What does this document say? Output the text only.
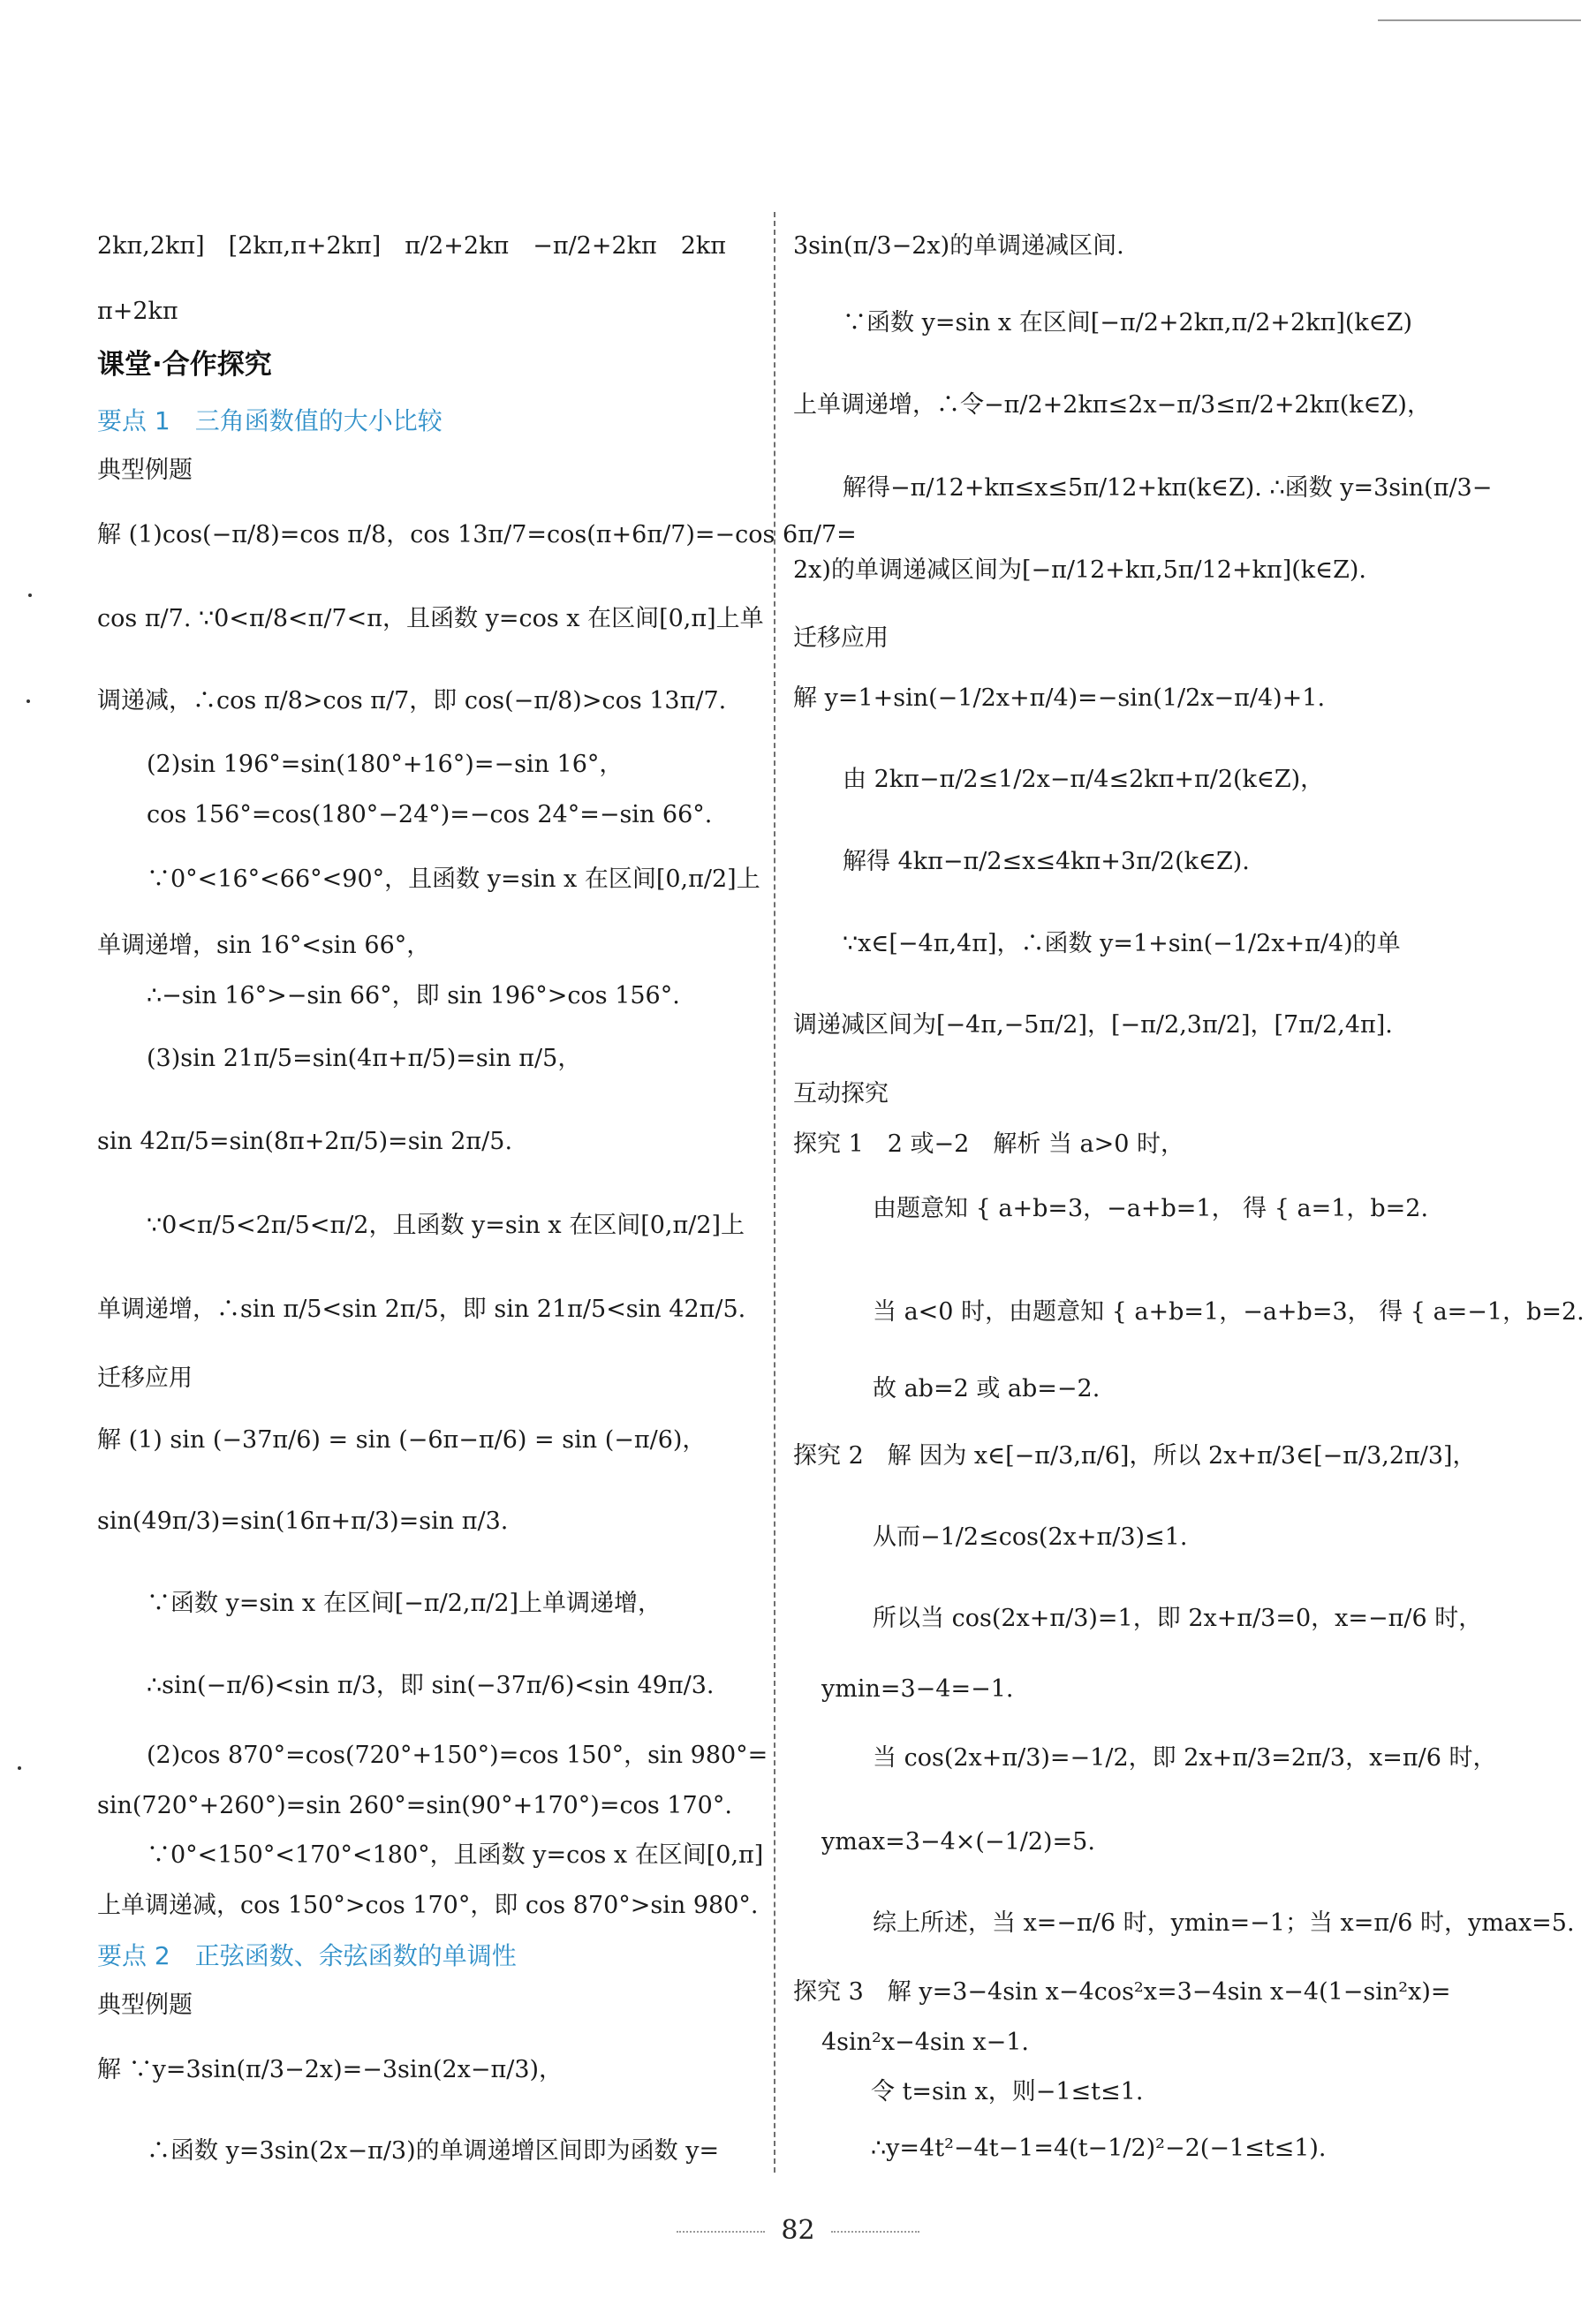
2kπ,2kπ]　[2kπ,π+2kπ]　π/2+2kπ　−π/2+2kπ　2kπ
π+2kπ
课堂·合作探究
要点 1　三角函数值的大小比较
典型例题
解 (1)cos(−π/8)=cos π/8，cos 13π/7=cos(π+6π/7)=−cos 6π/7=
cos π/7. ∵0<π/8<π/7<π，且函数 y=cos x 在区间[0,π]上单
调递减，∴cos π/8>cos π/7，即 cos(−π/8)>cos 13π/7.
(2)sin 196°=sin(180°+16°)=−sin 16°，
cos 156°=cos(180°−24°)=−cos 24°=−sin 66°.
∵0°<16°<66°<90°，且函数 y=sin x 在区间[0,π/2]上
单调递增，sin 16°<sin 66°，
∴−sin 16°>−sin 66°，即 sin 196°>cos 156°.
(3)sin 21π/5=sin(4π+π/5)=sin π/5，
sin 42π/5=sin(8π+2π/5)=sin 2π/5.
∵0<π/5<2π/5<π/2，且函数 y=sin x 在区间[0,π/2]上
单调递增，∴sin π/5<sin 2π/5，即 sin 21π/5<sin 42π/5.
迁移应用
解 (1) sin (−37π/6) = sin (−6π−π/6) = sin (−π/6)，
sin(49π/3)=sin(16π+π/3)=sin π/3.
∵函数 y=sin x 在区间[−π/2,π/2]上单调递增，
∴sin(−π/6)<sin π/3，即 sin(−37π/6)<sin 49π/3.
(2)cos 870°=cos(720°+150°)=cos 150°，sin 980°=
sin(720°+260°)=sin 260°=sin(90°+170°)=cos 170°.
∵0°<150°<170°<180°，且函数 y=cos x 在区间[0,π]
上单调递减，cos 150°>cos 170°，即 cos 870°>sin 980°.
要点 2　正弦函数、余弦函数的单调性
典型例题
解 ∵y=3sin(π/3−2x)=−3sin(2x−π/3)，
∴函数 y=3sin(2x−π/3)的单调递增区间即为函数 y=
3sin(π/3−2x)的单调递减区间.
∵函数 y=sin x 在区间[−π/2+2kπ,π/2+2kπ](k∈Z)
上单调递增，∴令−π/2+2kπ≤2x−π/3≤π/2+2kπ(k∈Z)，
解得−π/12+kπ≤x≤5π/12+kπ(k∈Z). ∴函数 y=3sin(π/3−
2x)的单调递减区间为[−π/12+kπ,5π/12+kπ](k∈Z).
迁移应用
解 y=1+sin(−1/2x+π/4)=−sin(1/2x−π/4)+1.
由 2kπ−π/2≤1/2x−π/4≤2kπ+π/2(k∈Z)，
解得 4kπ−π/2≤x≤4kπ+3π/2(k∈Z).
∵x∈[−4π,4π]，∴函数 y=1+sin(−1/2x+π/4)的单
调递减区间为[−4π,−5π/2]，[−π/2,3π/2]，[7π/2,4π].
互动探究
探究 1　2 或−2　解析 当 a>0 时，
由题意知 { a+b=3，−a+b=1， 得 { a=1，b=2.
当 a<0 时，由题意知 { a+b=1，−a+b=3， 得 { a=−1，b=2.
故 ab=2 或 ab=−2.
探究 2　解 因为 x∈[−π/3,π/6]，所以 2x+π/3∈[−π/3,2π/3]，
从而−1/2≤cos(2x+π/3)≤1.
所以当 cos(2x+π/3)=1，即 2x+π/3=0，x=−π/6 时，
ymin=3−4=−1.
当 cos(2x+π/3)=−1/2，即 2x+π/3=2π/3，x=π/6 时，
ymax=3−4×(−1/2)=5.
综上所述，当 x=−π/6 时，ymin=−1；当 x=π/6 时，ymax=5.
探究 3　解 y=3−4sin x−4cos²x=3−4sin x−4(1−sin²x)=
4sin²x−4sin x−1.
令 t=sin x，则−1≤t≤1.
∴y=4t²−4t−1=4(t−1/2)²−2(−1≤t≤1).
82
